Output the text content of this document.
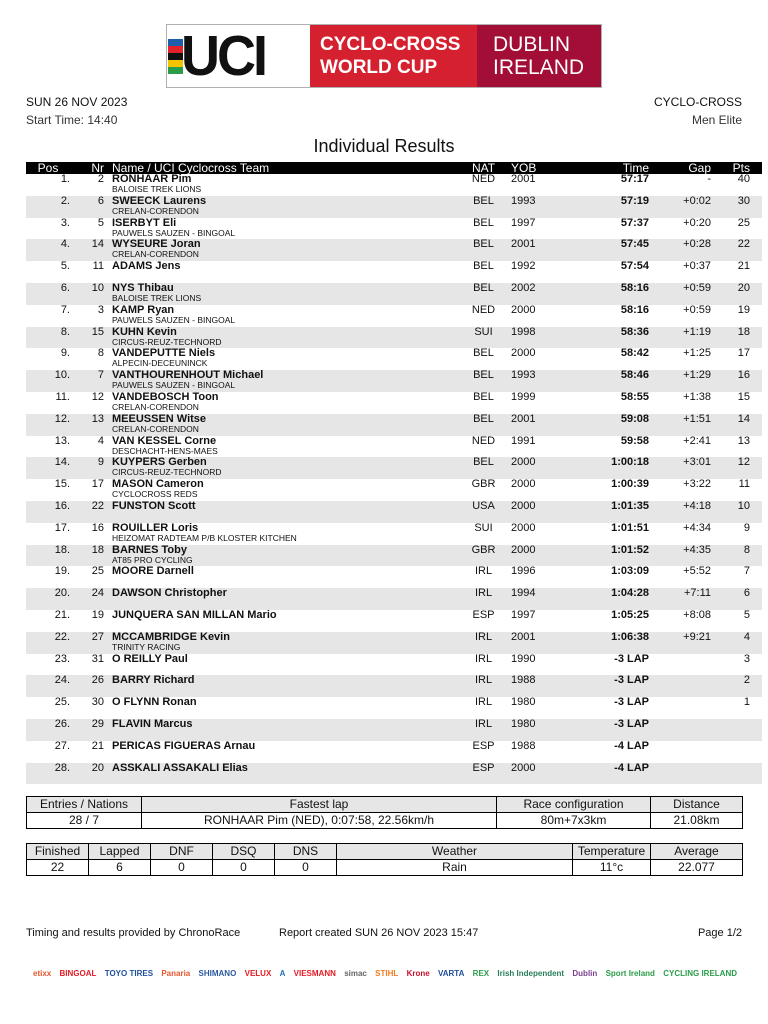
UCI	CYCLO-CROSS
WORLD CUP
DUBLIN
IRELAND
SUN 26 NOV 2023
Start Time: 14:40
CYCLO-CROSS
Men Elite
Individual Results
Pos	Nr	Name / UCI Cyclocross Team	NAT	YOB	Time	Gap	Pts
1.	2	RONHAAR Pim
BALOISE TREK LIONS	NED	2001	57:17	-	40
2.	6	SWEECK Laurens
CRELAN-CORENDON	BEL	1993	57:19	+0:02	30
3.	5	ISERBYT Eli
PAUWELS SAUZEN - BINGOAL	BEL	1997	57:37	+0:20	25
4.	14	WYSEURE Joran
CRELAN-CORENDON	BEL	2001	57:45	+0:28	22
5.	11	ADAMS Jens	BEL	1992	57:54	+0:37	21
6.	10	NYS Thibau
BALOISE TREK LIONS	BEL	2002	58:16	+0:59	20
7.	3	KAMP Ryan
PAUWELS SAUZEN - BINGOAL	NED	2000	58:16	+0:59	19
8.	15	KUHN Kevin
CIRCUS-REUZ-TECHNORD	SUI	1998	58:36	+1:19	18
9.	8	VANDEPUTTE Niels
ALPECIN-DECEUNINCK	BEL	2000	58:42	+1:25	17
10.	7	VANTHOURENHOUT Michael
PAUWELS SAUZEN - BINGOAL	BEL	1993	58:46	+1:29	16
11.	12	VANDEBOSCH Toon
CRELAN-CORENDON	BEL	1999	58:55	+1:38	15
12.	13	MEEUSSEN Witse
CRELAN-CORENDON	BEL	2001	59:08	+1:51	14
13.	4	VAN KESSEL Corne
DESCHACHT-HENS-MAES	NED	1991	59:58	+2:41	13
14.	9	KUYPERS Gerben
CIRCUS-REUZ-TECHNORD	BEL	2000	1:00:18	+3:01	12
15.	17	MASON Cameron
CYCLOCROSS REDS	GBR	2000	1:00:39	+3:22	11
16.	22	FUNSTON Scott	USA	2000	1:01:35	+4:18	10
17.	16	ROUILLER Loris
HEIZOMAT RADTEAM P/B KLOSTER KITCHEN	SUI	2000	1:01:51	+4:34	9
18.	18	BARNES Toby
AT85 PRO CYCLING	GBR	2000	1:01:52	+4:35	8
19.	25	MOORE Darnell	IRL	1996	1:03:09	+5:52	7
20.	24	DAWSON Christopher	IRL	1994	1:04:28	+7:11	6
21.	19	JUNQUERA SAN MILLAN Mario	ESP	1997	1:05:25	+8:08	5
22.	27	MCCAMBRIDGE Kevin
TRINITY RACING	IRL	2001	1:06:38	+9:21	4
23.	31	O REILLY Paul	IRL	1990	-3 LAP		3
24.	26	BARRY Richard	IRL	1988	-3 LAP		2
25.	30	O FLYNN Ronan	IRL	1980	-3 LAP		1
26.	29	FLAVIN Marcus	IRL	1980	-3 LAP		
27.	21	PERICAS FIGUERAS Arnau	ESP	1988	-4 LAP		
28.	20	ASSKALI ASSAKALI Elias	ESP	2000	-4 LAP		
Entries / Nations	Fastest lap	Race configuration	Distance
28 / 7	RONHAAR Pim (NED), 0:07:58, 22.56km/h	80m+7x3km	21.08km
Finished	Lapped	DNF	DSQ	DNS	Weather	Temperature	Average
22	6	0	0	0	Rain	11°c	22.077
Timing and results provided by ChronoRace	Report created SUN 26 NOV 2023 15:47	Page 1/2
etixx	BINGOAL	TOYO TIRES	Panaria	SHIMANO	VELUX	A	VIESMANN	simac	STIHL	Krone	VARTA	REX	Irish Independent	Dublin	Sport Ireland	CYCLING IRELAND
